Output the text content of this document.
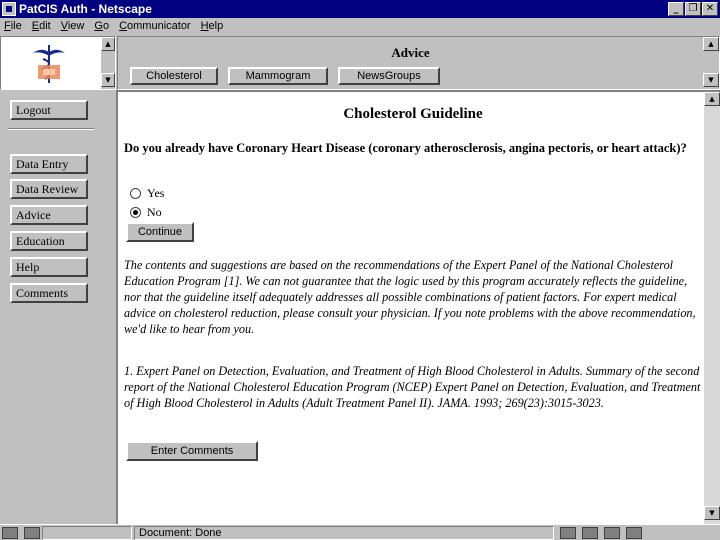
PatCIS Auth - Netscape	_	❐ ✕
File Edit View Go Communicator Help
▲
▼
Advice
Cholesterol	Mammogram	NewsGroups
▲
▼
Logout
Data Entry
Data Review
Advice
Education
Help
Comments
Cholesterol Guideline
Do you already have Coronary Heart Disease (coronary atherosclerosis, angina pectoris, or heart attack)?
Yes
No
Continue
The contents and suggestions are based on the recommendations of the Expert Panel of the National Cholesterol Education Program [1]. We can not guarantee that the logic used by this program accurately reflects the guideline, nor that the guideline itself adequately addresses all possible combinations of patient factors. For expert medical advice on cholesterol reduction, please consult your physician. If you note problems with the above recommendation, we'd like to hear from you.
1. Expert Panel on Detection, Evaluation, and Treatment of High Blood Cholesterol in Adults. Summary of the second report of the National Cholesterol Education Program (NCEP) Expert Panel on Detection, Evaluation, and Treatment of High Blood Cholesterol in Adults (Adult Treatment Panel II). JAMA. 1993; 269(23):3015-3023.
Enter Comments
▲
▼
Document: Done
